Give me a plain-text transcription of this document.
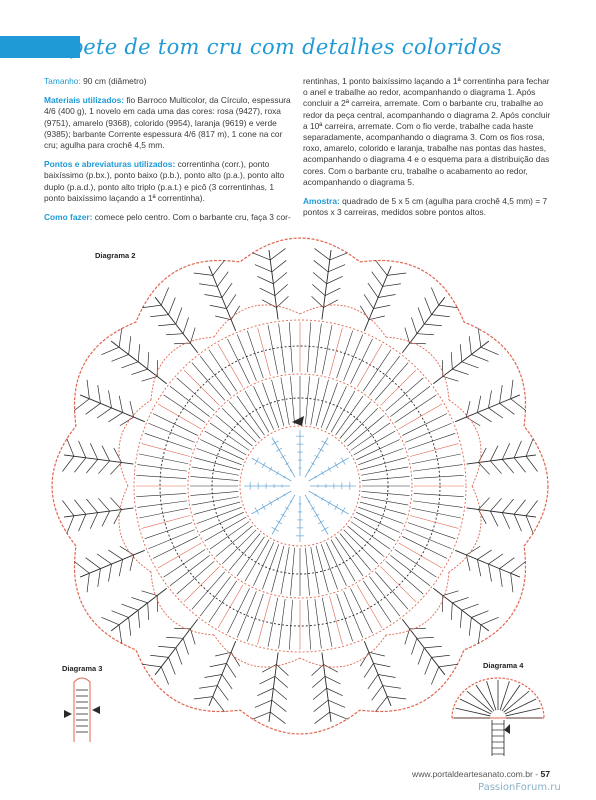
Tapete de tom cru com detalhes coloridos

Tamanho: 90 cm (diâmetro)

Materiais utilizados: fio Barroco Multicolor, da Círculo, espessura 4/6 (400 g), 1 novelo em cada uma das cores: rosa (9427), roxa (9751), amarelo (9368), colorido (9954), laranja (9619) e verde (9385); barbante Corrente espessura 4/6 (817 m), 1 cone na cor cru; agulha para crochê 4,5 mm.

Pontos e abreviaturas utilizados: correntinha (corr.), ponto baixíssimo (p.bx.), ponto baixo (p.b.), ponto alto (p.a.), ponto alto duplo (p.a.d.), ponto alto triplo (p.a.t.) e picô (3 correntinhas, 1 ponto baixíssimo laçando a 1ª correntinha).

Como fazer: comece pelo centro. Com o barbante cru, faça 3 cor-

rentinhas, 1 ponto baixíssimo laçando a 1ª correntinha para fechar o anel e trabalhe ao redor, acompanhando o diagrama 1. Após concluir a 2ª carreira, arremate. Com o barbante cru, trabalhe ao redor da peça central, acompanhando o diagrama 2. Após concluir a 10ª carreira, arremate. Com o fio verde, trabalhe cada haste separadamente, acompanhando o diagrama 3. Com os fios rosa, roxo, amarelo, colorido e laranja, trabalhe nas pontas das hastes, acompanhando o diagrama 4 e o esquema para a distribuição das cores. Com o barbante cru, trabalhe o acabamento ao redor, acompanhando o diagrama 5.

Amostra: quadrado de 5 x 5 cm (agulha para crochê 4,5 mm) = 7 pontos x 3 carreiras, medidos sobre pontos altos.

Diagrama 2
Diagrama 3	Diagrama 4
www.portaldeartesanato.com.br - 57
PassionForum.ru
